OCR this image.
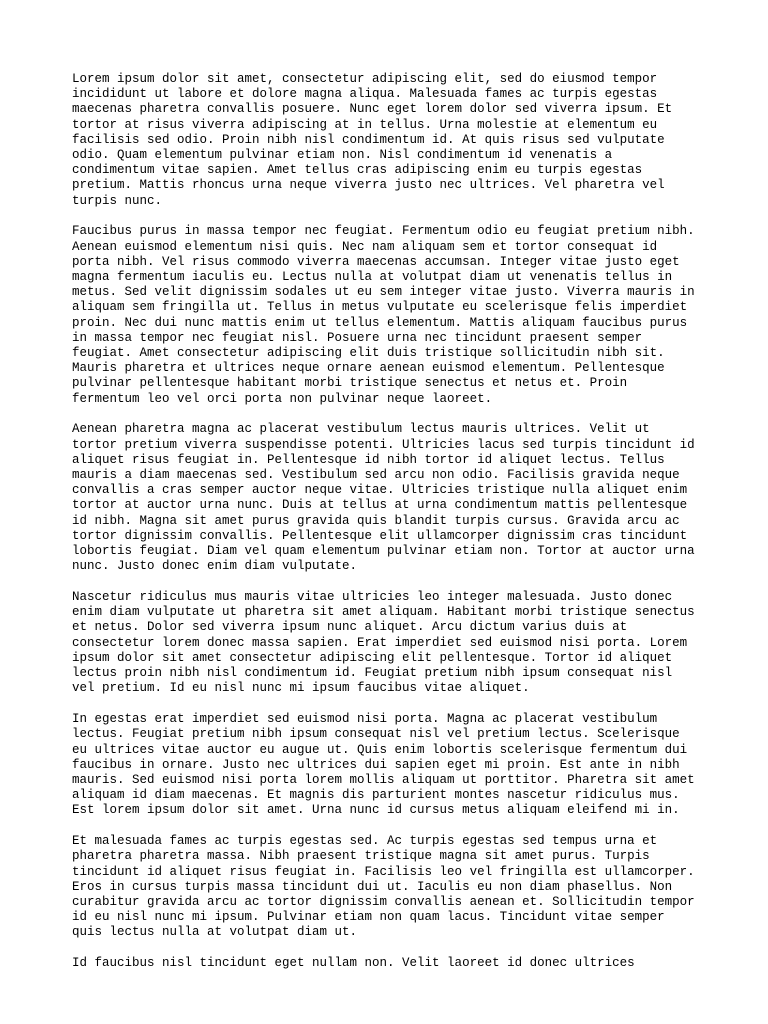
Lorem ipsum dolor sit amet, consectetur adipiscing elit, sed do eiusmod tempor
incididunt ut labore et dolore magna aliqua. Malesuada fames ac turpis egestas
maecenas pharetra convallis posuere. Nunc eget lorem dolor sed viverra ipsum. Et
tortor at risus viverra adipiscing at in tellus. Urna molestie at elementum eu
facilisis sed odio. Proin nibh nisl condimentum id. At quis risus sed vulputate
odio. Quam elementum pulvinar etiam non. Nisl condimentum id venenatis a
condimentum vitae sapien. Amet tellus cras adipiscing enim eu turpis egestas
pretium. Mattis rhoncus urna neque viverra justo nec ultrices. Vel pharetra vel
turpis nunc.

Faucibus purus in massa tempor nec feugiat. Fermentum odio eu feugiat pretium nibh.
Aenean euismod elementum nisi quis. Nec nam aliquam sem et tortor consequat id
porta nibh. Vel risus commodo viverra maecenas accumsan. Integer vitae justo eget
magna fermentum iaculis eu. Lectus nulla at volutpat diam ut venenatis tellus in
metus. Sed velit dignissim sodales ut eu sem integer vitae justo. Viverra mauris in
aliquam sem fringilla ut. Tellus in metus vulputate eu scelerisque felis imperdiet
proin. Nec dui nunc mattis enim ut tellus elementum. Mattis aliquam faucibus purus
in massa tempor nec feugiat nisl. Posuere urna nec tincidunt praesent semper
feugiat. Amet consectetur adipiscing elit duis tristique sollicitudin nibh sit.
Mauris pharetra et ultrices neque ornare aenean euismod elementum. Pellentesque
pulvinar pellentesque habitant morbi tristique senectus et netus et. Proin
fermentum leo vel orci porta non pulvinar neque laoreet.

Aenean pharetra magna ac placerat vestibulum lectus mauris ultrices. Velit ut
tortor pretium viverra suspendisse potenti. Ultricies lacus sed turpis tincidunt id
aliquet risus feugiat in. Pellentesque id nibh tortor id aliquet lectus. Tellus
mauris a diam maecenas sed. Vestibulum sed arcu non odio. Facilisis gravida neque
convallis a cras semper auctor neque vitae. Ultricies tristique nulla aliquet enim
tortor at auctor urna nunc. Duis at tellus at urna condimentum mattis pellentesque
id nibh. Magna sit amet purus gravida quis blandit turpis cursus. Gravida arcu ac
tortor dignissim convallis. Pellentesque elit ullamcorper dignissim cras tincidunt
lobortis feugiat. Diam vel quam elementum pulvinar etiam non. Tortor at auctor urna
nunc. Justo donec enim diam vulputate.

Nascetur ridiculus mus mauris vitae ultricies leo integer malesuada. Justo donec
enim diam vulputate ut pharetra sit amet aliquam. Habitant morbi tristique senectus
et netus. Dolor sed viverra ipsum nunc aliquet. Arcu dictum varius duis at
consectetur lorem donec massa sapien. Erat imperdiet sed euismod nisi porta. Lorem
ipsum dolor sit amet consectetur adipiscing elit pellentesque. Tortor id aliquet
lectus proin nibh nisl condimentum id. Feugiat pretium nibh ipsum consequat nisl
vel pretium. Id eu nisl nunc mi ipsum faucibus vitae aliquet.

In egestas erat imperdiet sed euismod nisi porta. Magna ac placerat vestibulum
lectus. Feugiat pretium nibh ipsum consequat nisl vel pretium lectus. Scelerisque
eu ultrices vitae auctor eu augue ut. Quis enim lobortis scelerisque fermentum dui
faucibus in ornare. Justo nec ultrices dui sapien eget mi proin. Est ante in nibh
mauris. Sed euismod nisi porta lorem mollis aliquam ut porttitor. Pharetra sit amet
aliquam id diam maecenas. Et magnis dis parturient montes nascetur ridiculus mus.
Est lorem ipsum dolor sit amet. Urna nunc id cursus metus aliquam eleifend mi in.

Et malesuada fames ac turpis egestas sed. Ac turpis egestas sed tempus urna et
pharetra pharetra massa. Nibh praesent tristique magna sit amet purus. Turpis
tincidunt id aliquet risus feugiat in. Facilisis leo vel fringilla est ullamcorper.
Eros in cursus turpis massa tincidunt dui ut. Iaculis eu non diam phasellus. Non
curabitur gravida arcu ac tortor dignissim convallis aenean et. Sollicitudin tempor
id eu nisl nunc mi ipsum. Pulvinar etiam non quam lacus. Tincidunt vitae semper
quis lectus nulla at volutpat diam ut.

Id faucibus nisl tincidunt eget nullam non. Velit laoreet id donec ultrices
